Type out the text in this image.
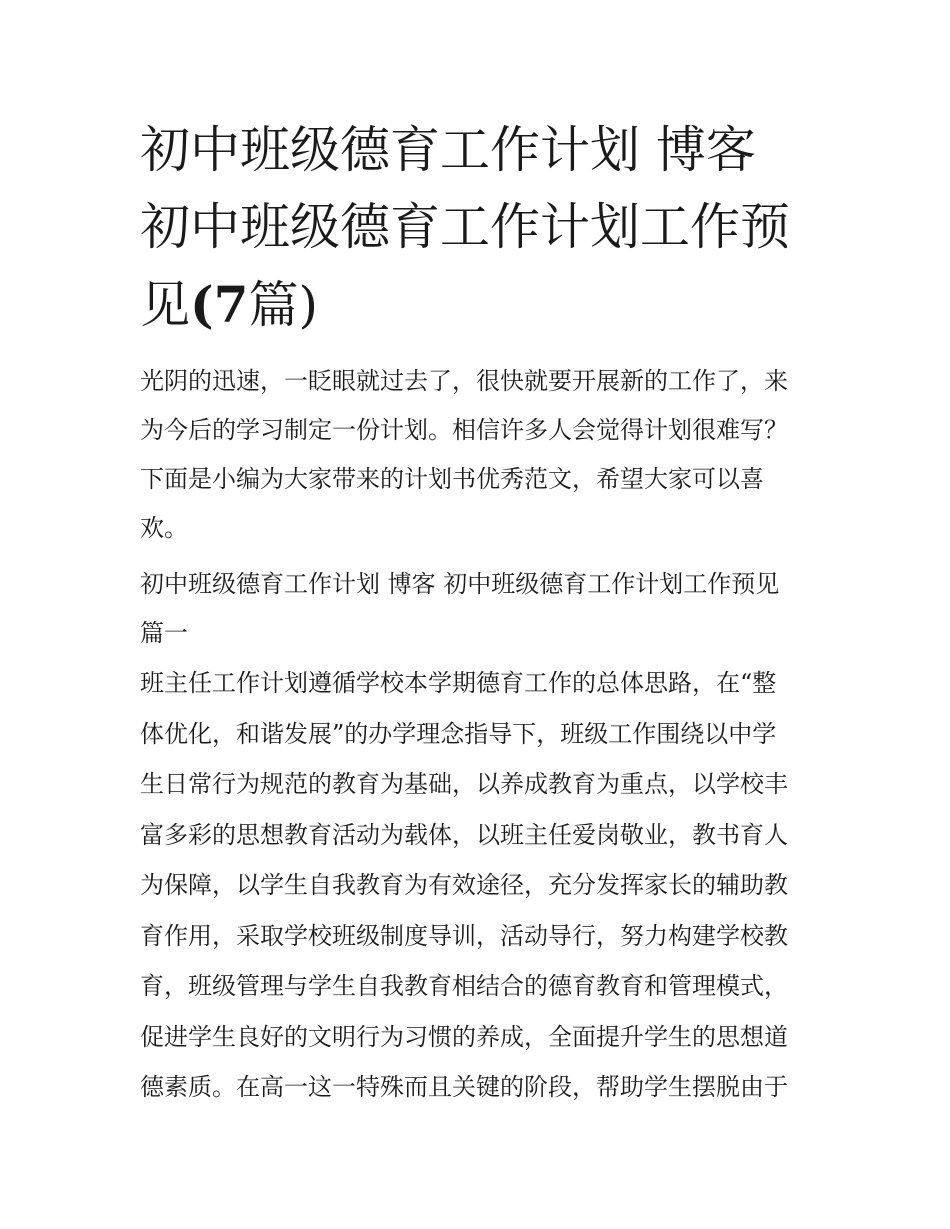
初中班级德育工作计划 博客
初中班级德育工作计划工作预
见(7篇)
光阴的迅速，一眨眼就过去了，很快就要开展新的工作了，来
为今后的学习制定一份计划。相信许多人会觉得计划很难写？
下面是小编为大家带来的计划书优秀范文，希望大家可以喜
欢。
初中班级德育工作计划 博客 初中班级德育工作计划工作预见
篇一
班主任工作计划遵循学校本学期德育工作的总体思路，在“整
体优化，和谐发展”的办学理念指导下，班级工作围绕以中学
生日常行为规范的教育为基础，以养成教育为重点，以学校丰
富多彩的思想教育活动为载体，以班主任爱岗敬业，教书育人
为保障，以学生自我教育为有效途径，充分发挥家长的辅助教
育作用，采取学校班级制度导训，活动导行，努力构建学校教
育，班级管理与学生自我教育相结合的德育教育和管理模式，
促进学生良好的文明行为习惯的养成，全面提升学生的思想道
德素质。在高一这一特殊而且关键的阶段，帮助学生摆脱由于
